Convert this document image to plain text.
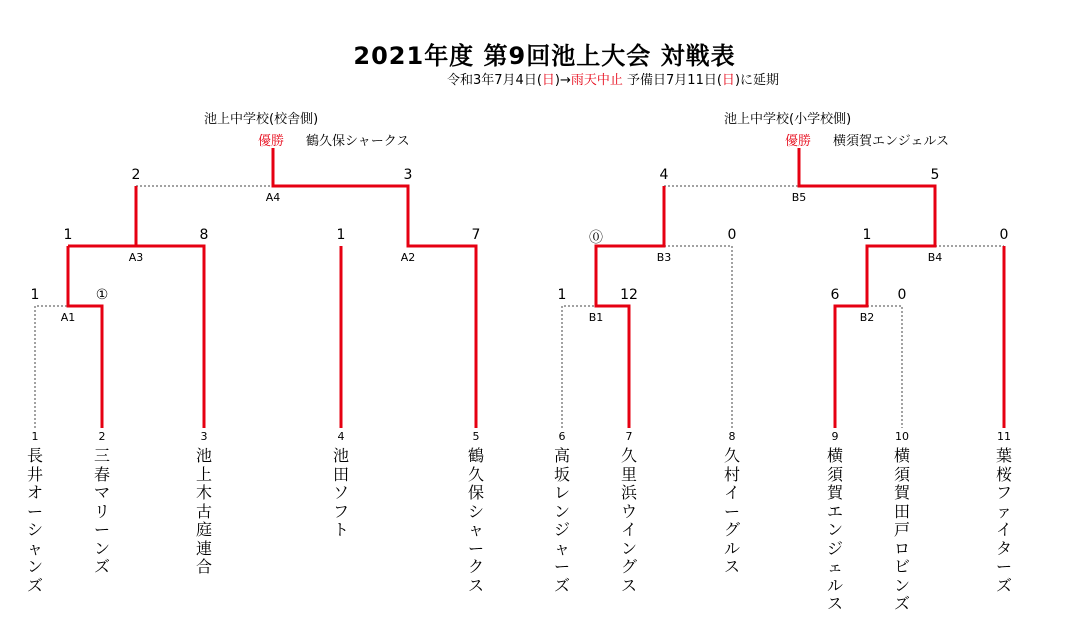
2021年度 第9回池上大会 対戦表
令和3年7月4日(日)→雨天中止 予備日7月11日(日)に延期
池上中学校(校舎側)
優勝 鶴久保シャークス
池上中学校(小学校側)
優勝 横須賀エンジェルス
1	①
A1
1	8
A3
1	7
A2
2	3
A4
1	12
B1
⓪	0
B3
6	0
B2
1	0
B4
4	5
B5
1
長井オーシャンズ
2
三春マリーンズ
3
池上木古庭連合
4
池田ソフト
5
鶴久保シャークス
6
高坂レンジャーズ
7
久里浜ウイングス
8
久村イーグルス
9
横須賀エンジェルス
10
横須賀田戸ロビンズ
11
葉桜ファイターズ
